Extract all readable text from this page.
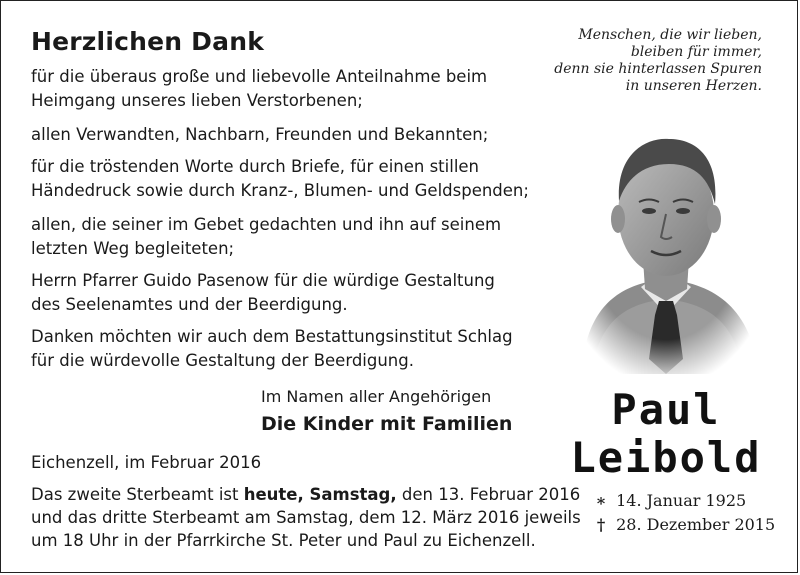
Herzlichen Dank

für die überaus große und liebevolle Anteilnahme beim
Heimgang unseres lieben Verstorbenen;

allen Verwandten, Nachbarn, Freunden und Bekannten;

für die tröstenden Worte durch Briefe, für einen stillen
Händedruck sowie durch Kranz-, Blumen- und Geldspenden;

allen, die seiner im Gebet gedachten und ihn auf seinem
letzten Weg begleiteten;

Herrn Pfarrer Guido Pasenow für die würdige Gestaltung
des Seelenamtes und der Beerdigung.

Danken möchten wir auch dem Bestattungsinstitut Schlag
für die würdevolle Gestaltung der Beerdigung.

Im Namen aller Angehörigen
Die Kinder mit Familien
Eichenzell, im Februar 2016

Das zweite Sterbeamt ist heute, Samstag, den 13. Februar 2016
und das dritte Sterbeamt am Samstag, dem 12. März 2016 jeweils
um 18 Uhr in der Pfarrkirche St. Peter und Paul zu Eichenzell.

Menschen, die wir lieben,
bleiben für immer,
denn sie hinterlassen Spuren
in unseren Herzen.
Paul
Leibold
∗ 14. Januar 1925
† 28. Dezember 2015
